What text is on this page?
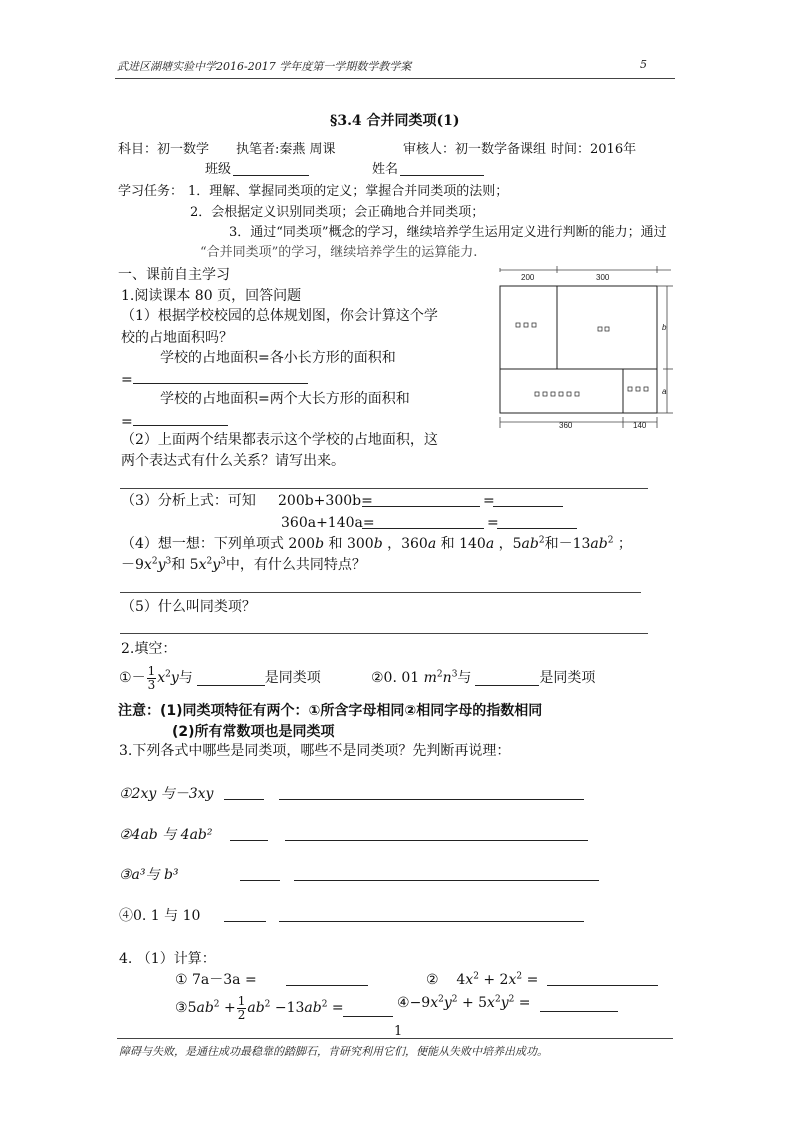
武进区湖塘实验中学2016-2017 学年度第一学期数学教学案	5
§3.4 合并同类项(1)
科目：初一数学 执笔者:秦燕 周课	审核人：初一数学备课组 时间：2016年
班级	姓名
学习任务： 1．理解、掌握同类项的定义；掌握合并同类项的法则；
2．会根据定义识别同类项；会正确地合并同类项；
3．通过“同类项”概念的学习，继续培养学生运用定义进行判断的能力；通过
“合并同类项”的学习，继续培养学生的运算能力.
一、课前自主学习
1.阅读课本 80 页，回答问题
（1）根据学校校园的总体规划图，你会计算这个学
校的占地面积吗？
学校的占地面积=各小长方形的面积和
=
学校的占地面积=两个大长方形的面积和
=
（2）上面两个结果都表示这个学校的占地面积，这
两个表达式有什么关系？请写出来。
200	300
b
a
360	140
（3）分析上式：可知 200b+300b=	=
360a+140a=	=
（4）想一想：下列单项式 200b 和 300b ，360a 和 140a ，$5ab^2$和$-13ab^2$ ；
$-9x^2y^3$和 $5x^2y^3$中，有什么共同特点？
（5）什么叫同类项？
2.填空：
① － $\frac{1}{3} x^2y$ 与	是同类项	②0. 01 $m^2n^3$ 与	是同类项
注意：(1)同类项特征有两个：①所含字母相同②相同字母的指数相同
(2)所有常数项也是同类项
3.下列各式中哪些是同类项，哪些不是同类项？先判断再说理：
①2xy 与－3xy
②4ab 与 4ab²
③a³与 b³
④0. 1 与 10
4. （1）计算：
① 7a－3a =	②    $4x^2 + 2x^2$ =
③ $5ab^2 + \frac{1}{2} ab^2 -13ab^2$ =	$④-9x^2y^2 + 5x^2y^2$ =
1
障碍与失败，是通往成功最稳靠的踏脚石，肯研究利用它们，便能从失败中培养出成功。
